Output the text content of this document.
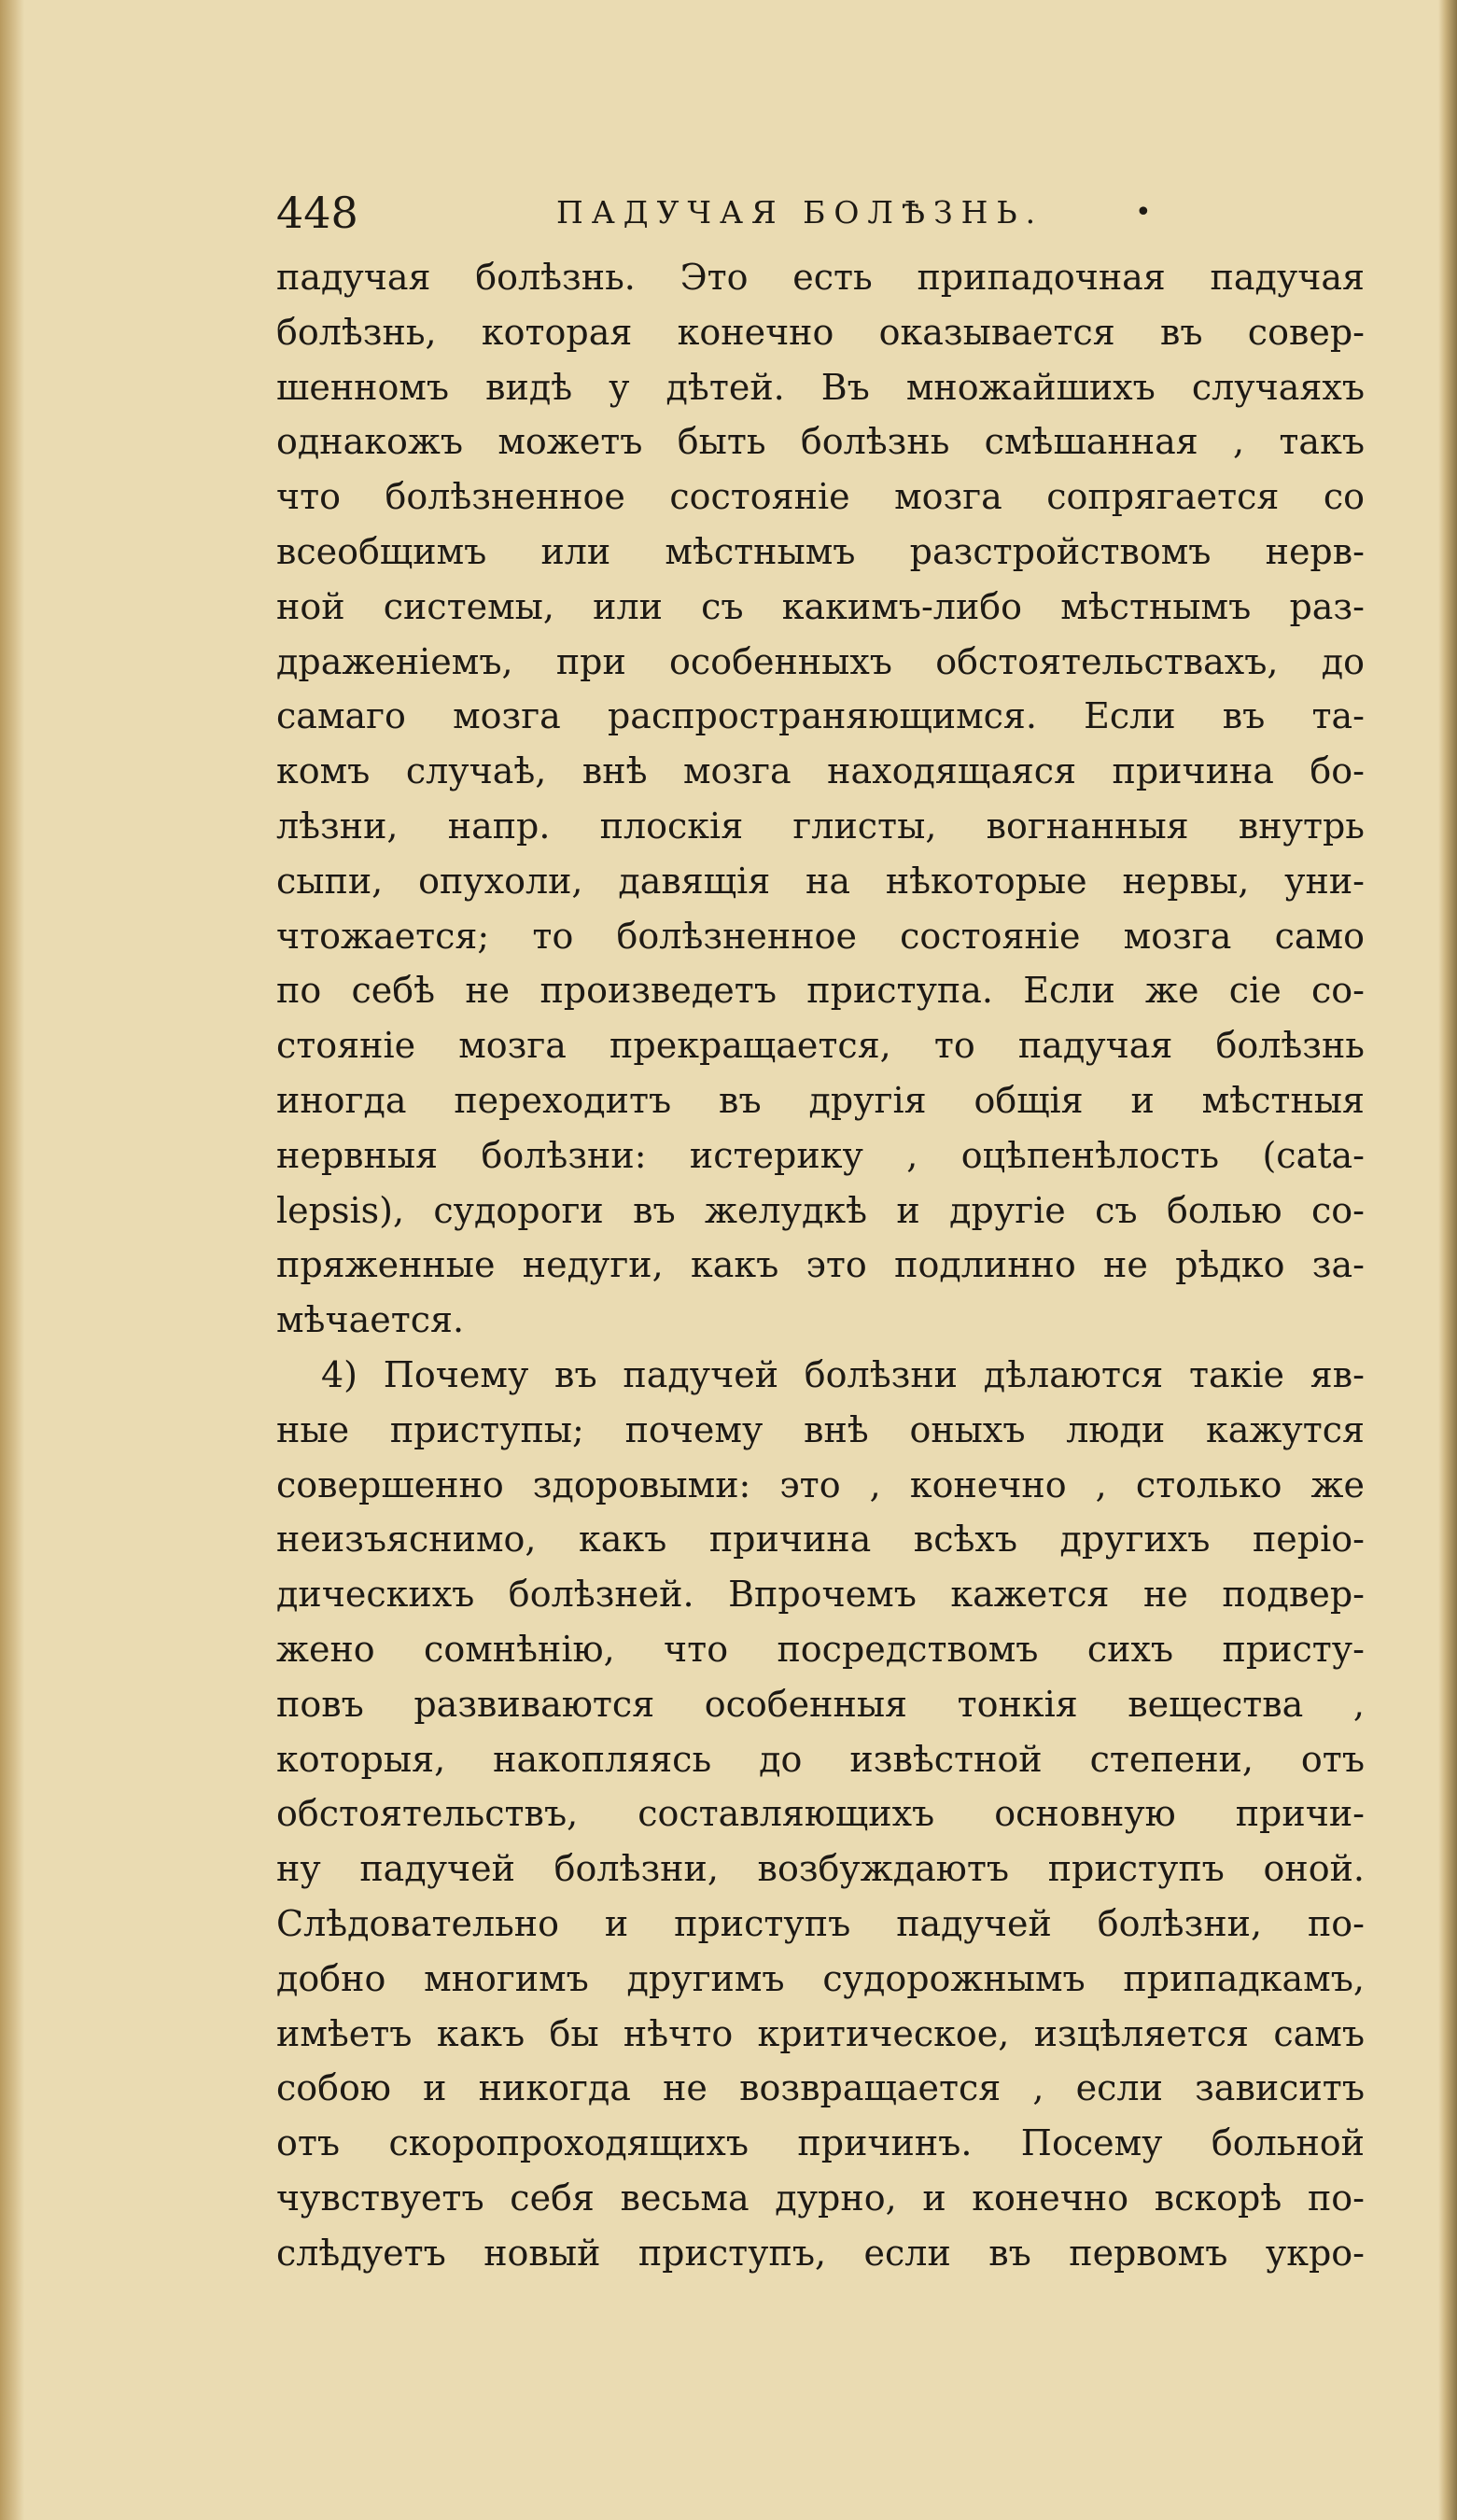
448	ПАДУЧАЯ БОЛѢЗНЬ.	•
падучая болѣзнь. Это есть припадочная падучая
болѣзнь, которая конечно оказывается въ совер-
шенномъ видѣ у дѣтей. Въ множайшихъ случаяхъ
однакожъ можетъ быть болѣзнь смѣшанная , такъ
что болѣзненное состояніе мозга сопрягается со
всеобщимъ или мѣстнымъ разстройствомъ нерв-
ной системы, или съ какимъ-либо мѣстнымъ раз-
драженіемъ, при особенныхъ обстоятельствахъ, до
самаго мозга распространяющимся. Если въ та-
комъ случаѣ, внѣ мозга находящаяся причина бо-
лѣзни, напр. плоскія глисты, вогнанныя внутрь
сыпи, опухоли, давящія на нѣкоторые нервы, уни-
чтожается; то болѣзненное состояніе мозга само
по себѣ не произведетъ приступа. Если же сіе со-
стояніе мозга прекращается, то падучая болѣзнь
иногда переходитъ въ другія общія и мѣстныя
нервныя болѣзни: истерику , оцѣпенѣлость (cata-
lepsis), судороги въ желудкѣ и другіе съ болью со-
пряженные недуги, какъ это подлинно не рѣдко за-
мѣчается.
4) Почему въ падучей болѣзни дѣлаются такіе яв-
ные приступы; почему внѣ оныхъ люди кажутся
совершенно здоровыми: это , конечно , столько же
неизъяснимо, какъ причина всѣхъ другихъ періо-
дическихъ болѣзней. Впрочемъ кажется не подвер-
жено сомнѣнію, что посредствомъ сихъ присту-
повъ развиваются особенныя тонкія вещества ,
которыя, накопляясь до извѣстной степени, отъ
обстоятельствъ, составляющихъ основную причи-
ну падучей болѣзни, возбуждаютъ приступъ оной.
Слѣдовательно и приступъ падучей болѣзни, по-
добно многимъ другимъ судорожнымъ припадкамъ,
имѣетъ какъ бы нѣчто критическое, изцѣляется самъ
собою и никогда не возвращается , если зависитъ
отъ скоропроходящихъ причинъ. Посему больной
чувствуетъ себя весьма дурно, и конечно вскорѣ по-
слѣдуетъ новый приступъ, если въ первомъ укро-
